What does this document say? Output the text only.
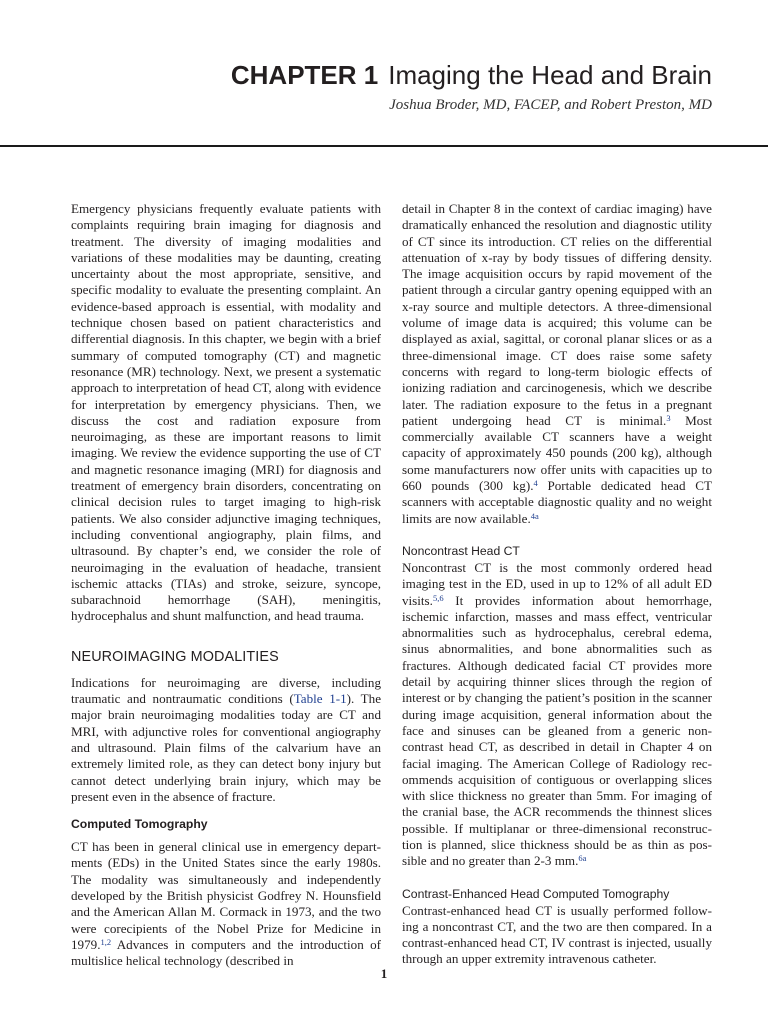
CHAPTER 1 Imaging the Head and Brain
Joshua Broder, MD, FACEP, and Robert Preston, MD

Emergency physicians frequently evaluate patients with complaints requiring brain imaging for diagnosis and treatment. The diversity of imaging modalities and variations of these modalities may be daunting, creating uncertainty about the most appropriate, sensitive, and specific modality to evaluate the presenting complaint. An evidence-based approach is essential, with modality and technique chosen based on patient characteristics and differential diagnosis. In this chapter, we begin with a brief summary of computed tomography (CT) and magnetic resonance (MR) technology. Next, we present a systematic approach to interpretation of head CT, along with evidence for interpretation by emergency physicians. Then, we discuss the cost and radiation exposure from neuroimaging, as these are important reasons to limit imaging. We review the evidence supporting the use of CT and magnetic resonance imaging (MRI) for diagnosis and treatment of emergency brain disorders, concentrating on clinical decision rules to target imaging to high-risk patients. We also consider adjunctive imaging techniques, including conventional angiography, plain films, and ultrasound. By chapter’s end, we consider the role of neuroimaging in the evaluation of headache, transient ischemic attacks (TIAs) and stroke, seizure, syncope, subarachnoid hemorrhage (SAH), meningitis, hydrocephalus and shunt malfunction, and head trauma.

NEUROIMAGING MODALITIES

Indications for neuroimaging are diverse, including traumatic and nontraumatic conditions (Table 1-1). The major brain neuroimaging modalities today are CT and MRI, with adjunctive roles for conventional angiography and ultrasound. Plain films of the calvarium have an extremely limited role, as they can detect bony injury but cannot detect underlying brain injury, which may be present even in the absence of fracture.

Computed Tomography

CT has been in general clinical use in emergency departments (EDs) in the United States since the early 1980s. The modality was simultaneously and independently developed by the British physicist Godfrey N. Hounsfield and the American Allan M. Cormack in 1973, and the two were corecipients of the Nobel Prize for Medicine in 1979.$^{1,2}$ Advances in computers and the introduction of multislice helical technology (described in

detail in Chapter 8 in the context of cardiac imaging) have dramatically enhanced the resolution and diagnostic utility of CT since its introduction. CT relies on the differential attenuation of x-ray by body tissues of differing density. The image acquisition occurs by rapid movement of the patient through a circular gantry opening equipped with an x-ray source and multiple detectors. A three-dimensional volume of image data is acquired; this volume can be displayed as axial, sagittal, or coronal planar slices or as a three-dimensional image. CT does raise some safety concerns with regard to long-term biologic effects of ionizing radiation and carcinogenesis, which we describe later. The radiation exposure to the fetus in a pregnant patient undergoing head CT is minimal.$^3$ Most commercially available CT scanners have a weight capacity of approximately 450 pounds (200 kg), although some manufacturers now offer units with capacities up to 660 pounds (300 kg).$^4$ Portable dedicated head CT scanners with acceptable diagnostic quality and no weight limits are now available.$^{4a}$

Noncontrast Head CT

Noncontrast CT is the most commonly ordered head imaging test in the ED, used in up to 12% of all adult ED visits.$^{5,6}$ It provides information about hemorrhage, ischemic infarction, masses and mass effect, ventricular abnormalities such as hydrocephalus, cerebral edema, sinus abnormalities, and bone abnormalities such as fractures. Although dedicated facial CT provides more detail by acquiring thinner slices through the region of interest or by changing the patient’s position in the scanner during image acquisition, general information about the face and sinuses can be gleaned from a generic noncontrast head CT, as described in detail in Chapter 4 on facial imaging. The American College of Radiology recommends acquisition of contiguous or overlapping slices with slice thickness no greater than 5mm. For imaging of the cranial base, the ACR recommends the thinnest slices possible. If multiplanar or three-dimensional reconstruction is planned, slice thickness should be as thin as possible and no greater than 2-3 mm.$^{6a}$

Contrast-Enhanced Head Computed Tomography

Contrast-enhanced head CT is usually performed following a noncontrast CT, and the two are then compared. In a contrast-enhanced head CT, IV contrast is injected, usually through an upper extremity intravenous catheter.

1
